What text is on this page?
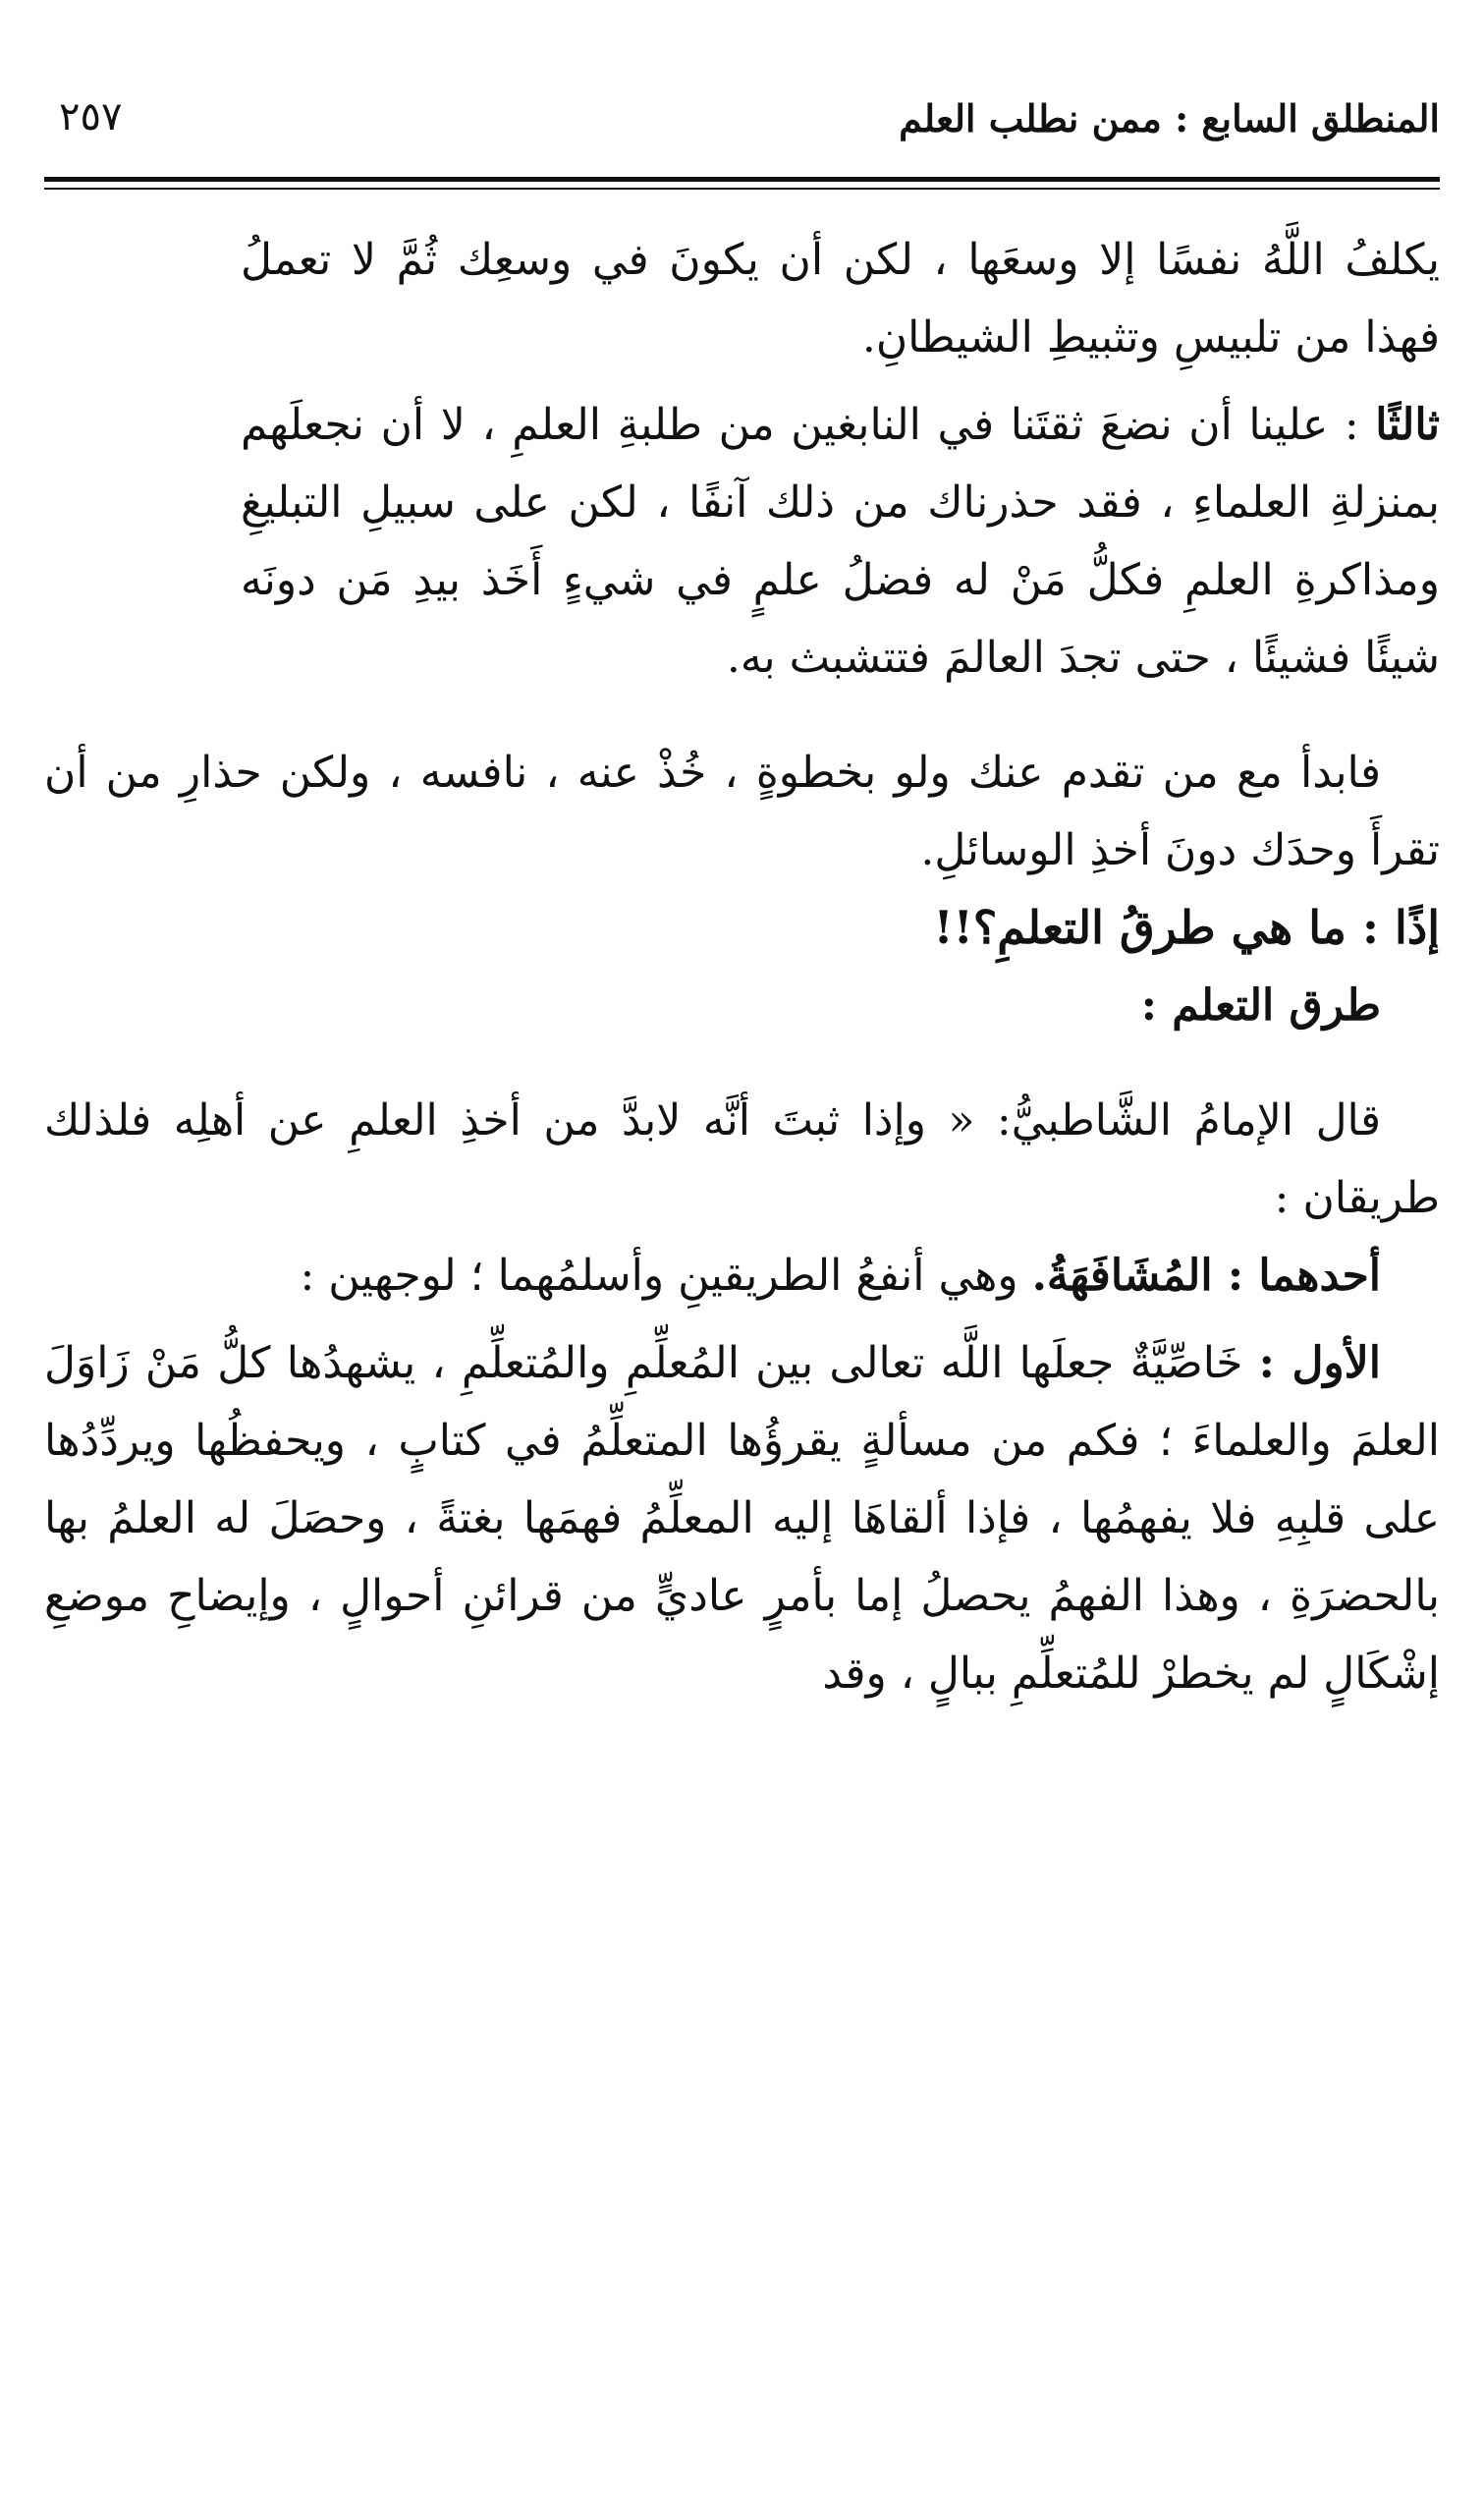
المنطلق السابع : ممن نطلب العلم
٢٥٧

يكلفُ اللَّهُ نفسًا إلا وسعَها ، لكن أن يكونَ في وسعِك ثُمَّ لا تعملُ فهذا من تلبيسِ وتثبيطِ الشيطانِ.

ثالثًا : علينا أن نضعَ ثقتَنا في النابغين من طلبةِ العلمِ ، لا أن نجعلَهم بمنزلةِ العلماءِ ، فقد حذرناك من ذلك آنفًا ، لكن على سبيلِ التبليغِ ومذاكرةِ العلمِ فكلُّ مَنْ له فضلُ علمٍ في شيءٍ أَخَذ بيدِ مَن دونَه شيئًا فشيئًا ، حتى تجدَ العالمَ فتتشبث به.

فابدأ مع من تقدم عنك ولو بخطوةٍ ، خُذْ عنه ، نافسه ، ولكن حذارِ من أن تقرأَ وحدَك دونَ أخذِ الوسائلِ.

إذًا : ما هي طرقُ التعلمِ؟!!

طرق التعلم :

قال الإمامُ الشَّاطبيُّ: « وإذا ثبتَ أنَّه لابدَّ من أخذِ العلمِ عن أهلِه فلذلك طريقان :

أحدهما : المُشَافَهَةُ. وهي أنفعُ الطريقينِ وأسلمُهما ؛ لوجهين :

الأول : خَاصِّيَّةٌ جعلَها اللَّه تعالى بين المُعلِّمِ والمُتعلِّمِ ، يشهدُها كلُّ مَنْ زَاوَلَ العلمَ والعلماءَ ؛ فكم من مسألةٍ يقرؤُها المتعلِّمُ في كتابٍ ، ويحفظُها ويردِّدُها على قلبِهِ فلا يفهمُها ، فإذا ألقاهَا إليه المعلِّمُ فهمَها بغتةً ، وحصَلَ له العلمُ بها بالحضرَةِ ، وهذا الفهمُ يحصلُ إما بأمرٍ عاديٍّ من قرائنِ أحوالٍ ، وإيضاحِ موضعِ إشْكَالٍ لم يخطرْ للمُتعلِّمِ ببالٍ ، وقد
